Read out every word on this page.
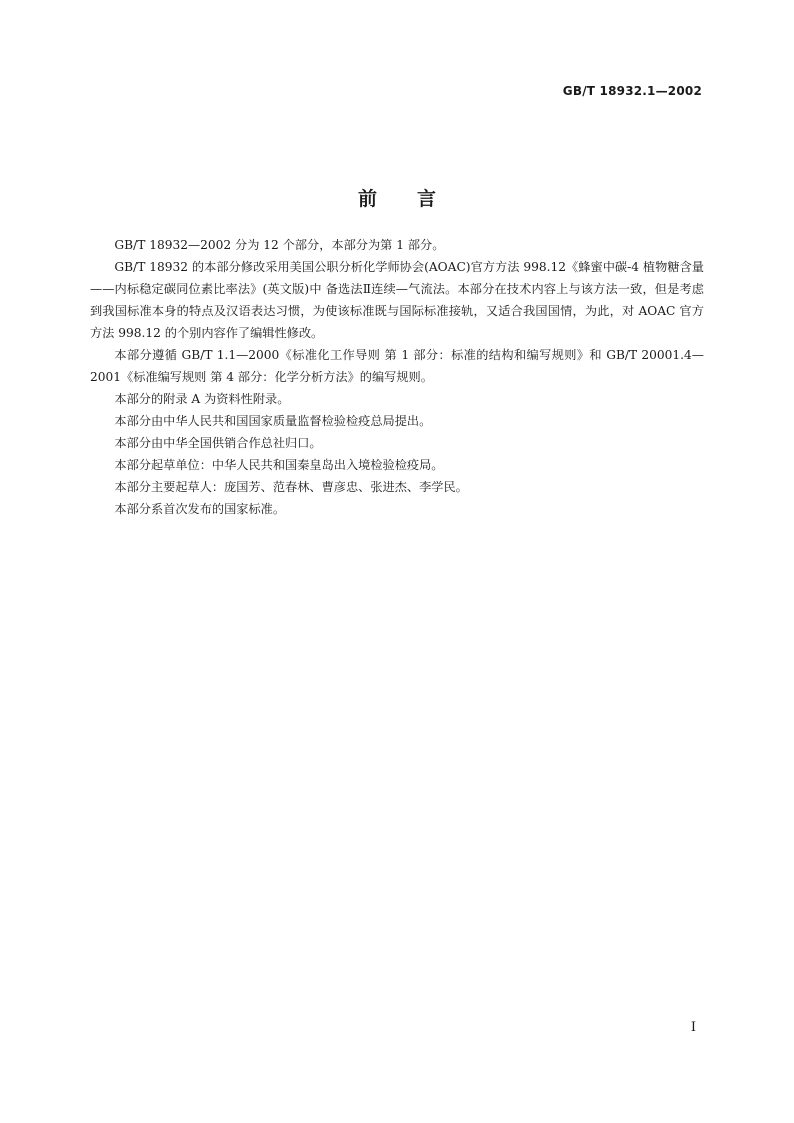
GB/T 18932.1—2002
前言

GB/T 18932—2002 分为 12 个部分，本部分为第 1 部分。

GB/T 18932 的本部分修改采用美国公职分析化学师协会(AOAC)官方方法 998.12《蜂蜜中碳-4 植物糖含量——内标稳定碳同位素比率法》(英文版)中 备选法Ⅱ连续—气流法。本部分在技术内容上与该方法一致，但是考虑到我国标准本身的特点及汉语表达习惯，为使该标准既与国际标准接轨，又适合我国国情，为此，对 AOAC 官方方法 998.12 的个别内容作了编辑性修改。

本部分遵循 GB/T 1.1—2000《标准化工作导则 第 1 部分：标准的结构和编写规则》和 GB/T 20001.4—2001《标准编写规则 第 4 部分：化学分析方法》的编写规则。

本部分的附录 A 为资料性附录。

本部分由中华人民共和国国家质量监督检验检疫总局提出。

本部分由中华全国供销合作总社归口。

本部分起草单位：中华人民共和国秦皇岛出入境检验检疫局。

本部分主要起草人：庞国芳、范春林、曹彦忠、张进杰、李学民。

本部分系首次发布的国家标准。

I
